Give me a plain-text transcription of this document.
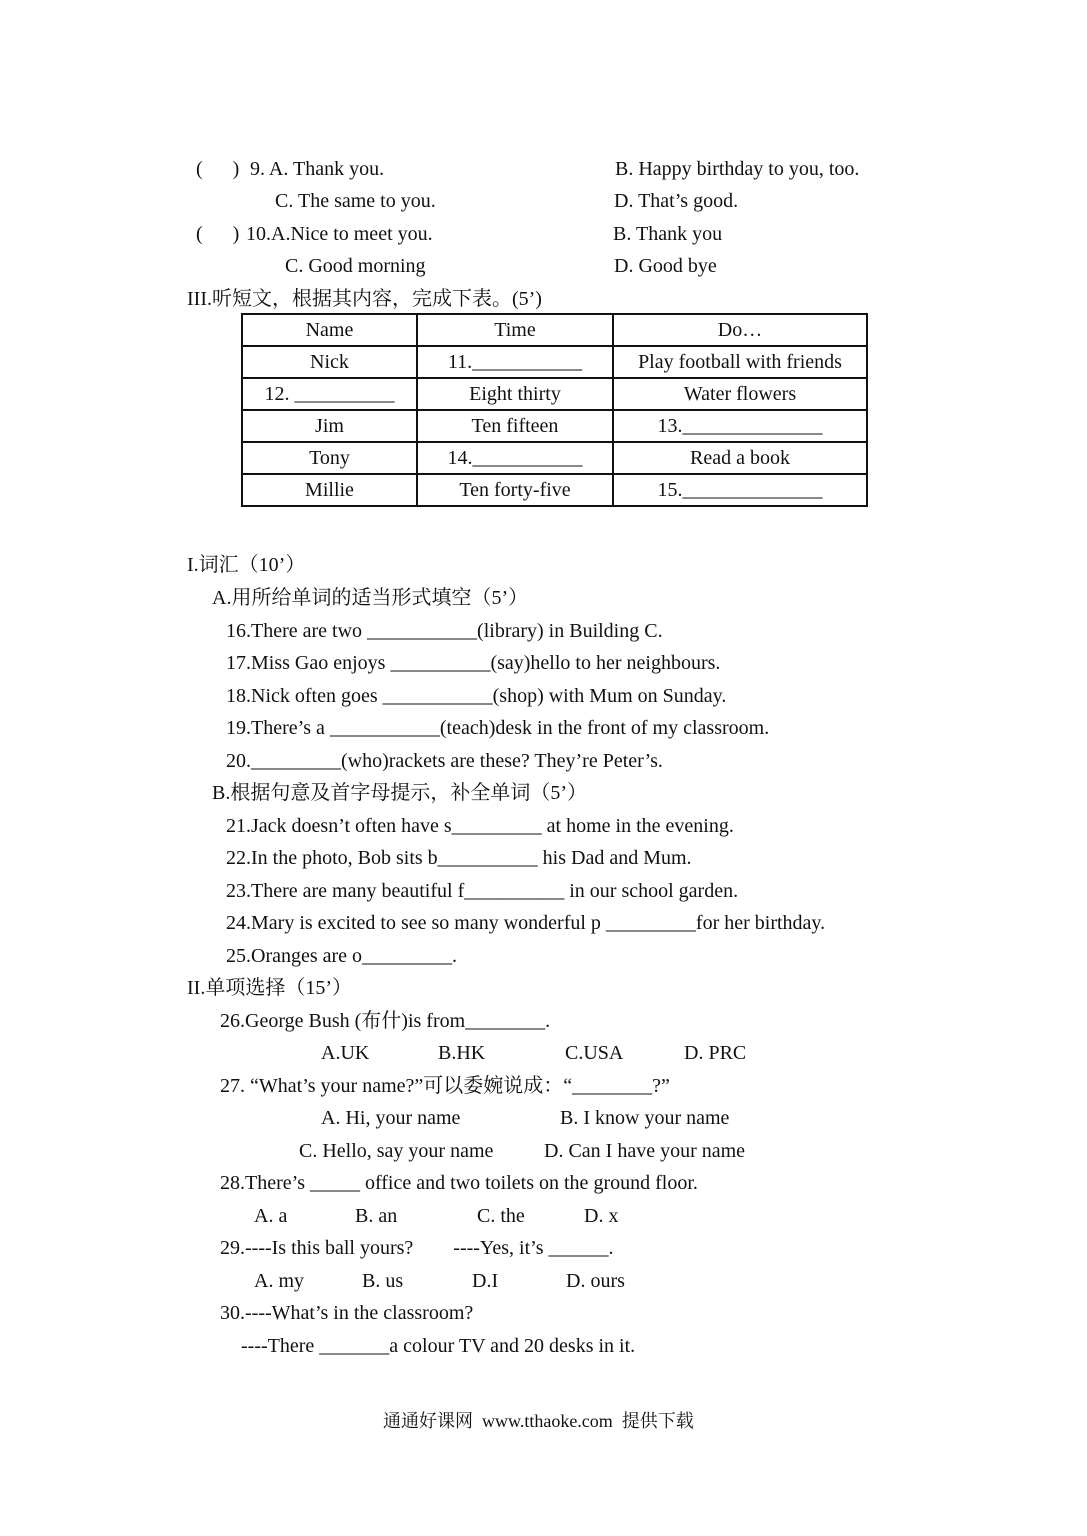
(      ) 9. A. Thank you.	B. Happy birthday to you, too.
C. The same to you.	D. That’s good.
(      ) 10.A.Nice to meet you.	B. Thank you
C. Good morning	D. Good bye
III.听短文，根据其内容，完成下表。(5’)
Name	Time	Do…
Nick	11.___________	Play football with friends
12. __________	Eight thirty	Water flowers
Jim	Ten fifteen	13.______________
Tony	14.___________	Read a book
Millie	Ten forty-five	15.______________
I.词汇（10’）
A.用所给单词的适当形式填空（5’）
16.There are two ___________(library) in Building C.
17.Miss Gao enjoys __________(say)hello to her neighbours.
18.Nick often goes ___________(shop) with Mum on Sunday.
19.There’s a ___________(teach)desk in the front of my classroom.
20._________(who)rackets are these? They’re Peter’s.
B.根据句意及首字母提示，补全单词（5’）
21.Jack doesn’t often have s_________ at home in the evening.
22.In the photo, Bob sits b__________ his Dad and Mum.
23.There are many beautiful f__________ in our school garden.
24.Mary is excited to see so many wonderful p _________for her birthday.
25.Oranges are o_________.
II.单项选择（15’）
26.George Bush (布什)is from________.
A.UK	B.HK	C.USA	D. PRC
27. “What’s your name?”可以委婉说成：“________?”
A. Hi, your name	B. I know your name
C. Hello, say your name	D. Can I have your name
28.There’s _____ office and two toilets on the ground floor.
A. a	B. an	C. the	D. x
29.----Is this ball yours?        ----Yes, it’s ______.
A. my	B. us	D.I	D. ours
30.----What’s in the classroom?
----There _______a colour TV and 20 desks in it.
通通好课网  www.tthaoke.com  提供下载
